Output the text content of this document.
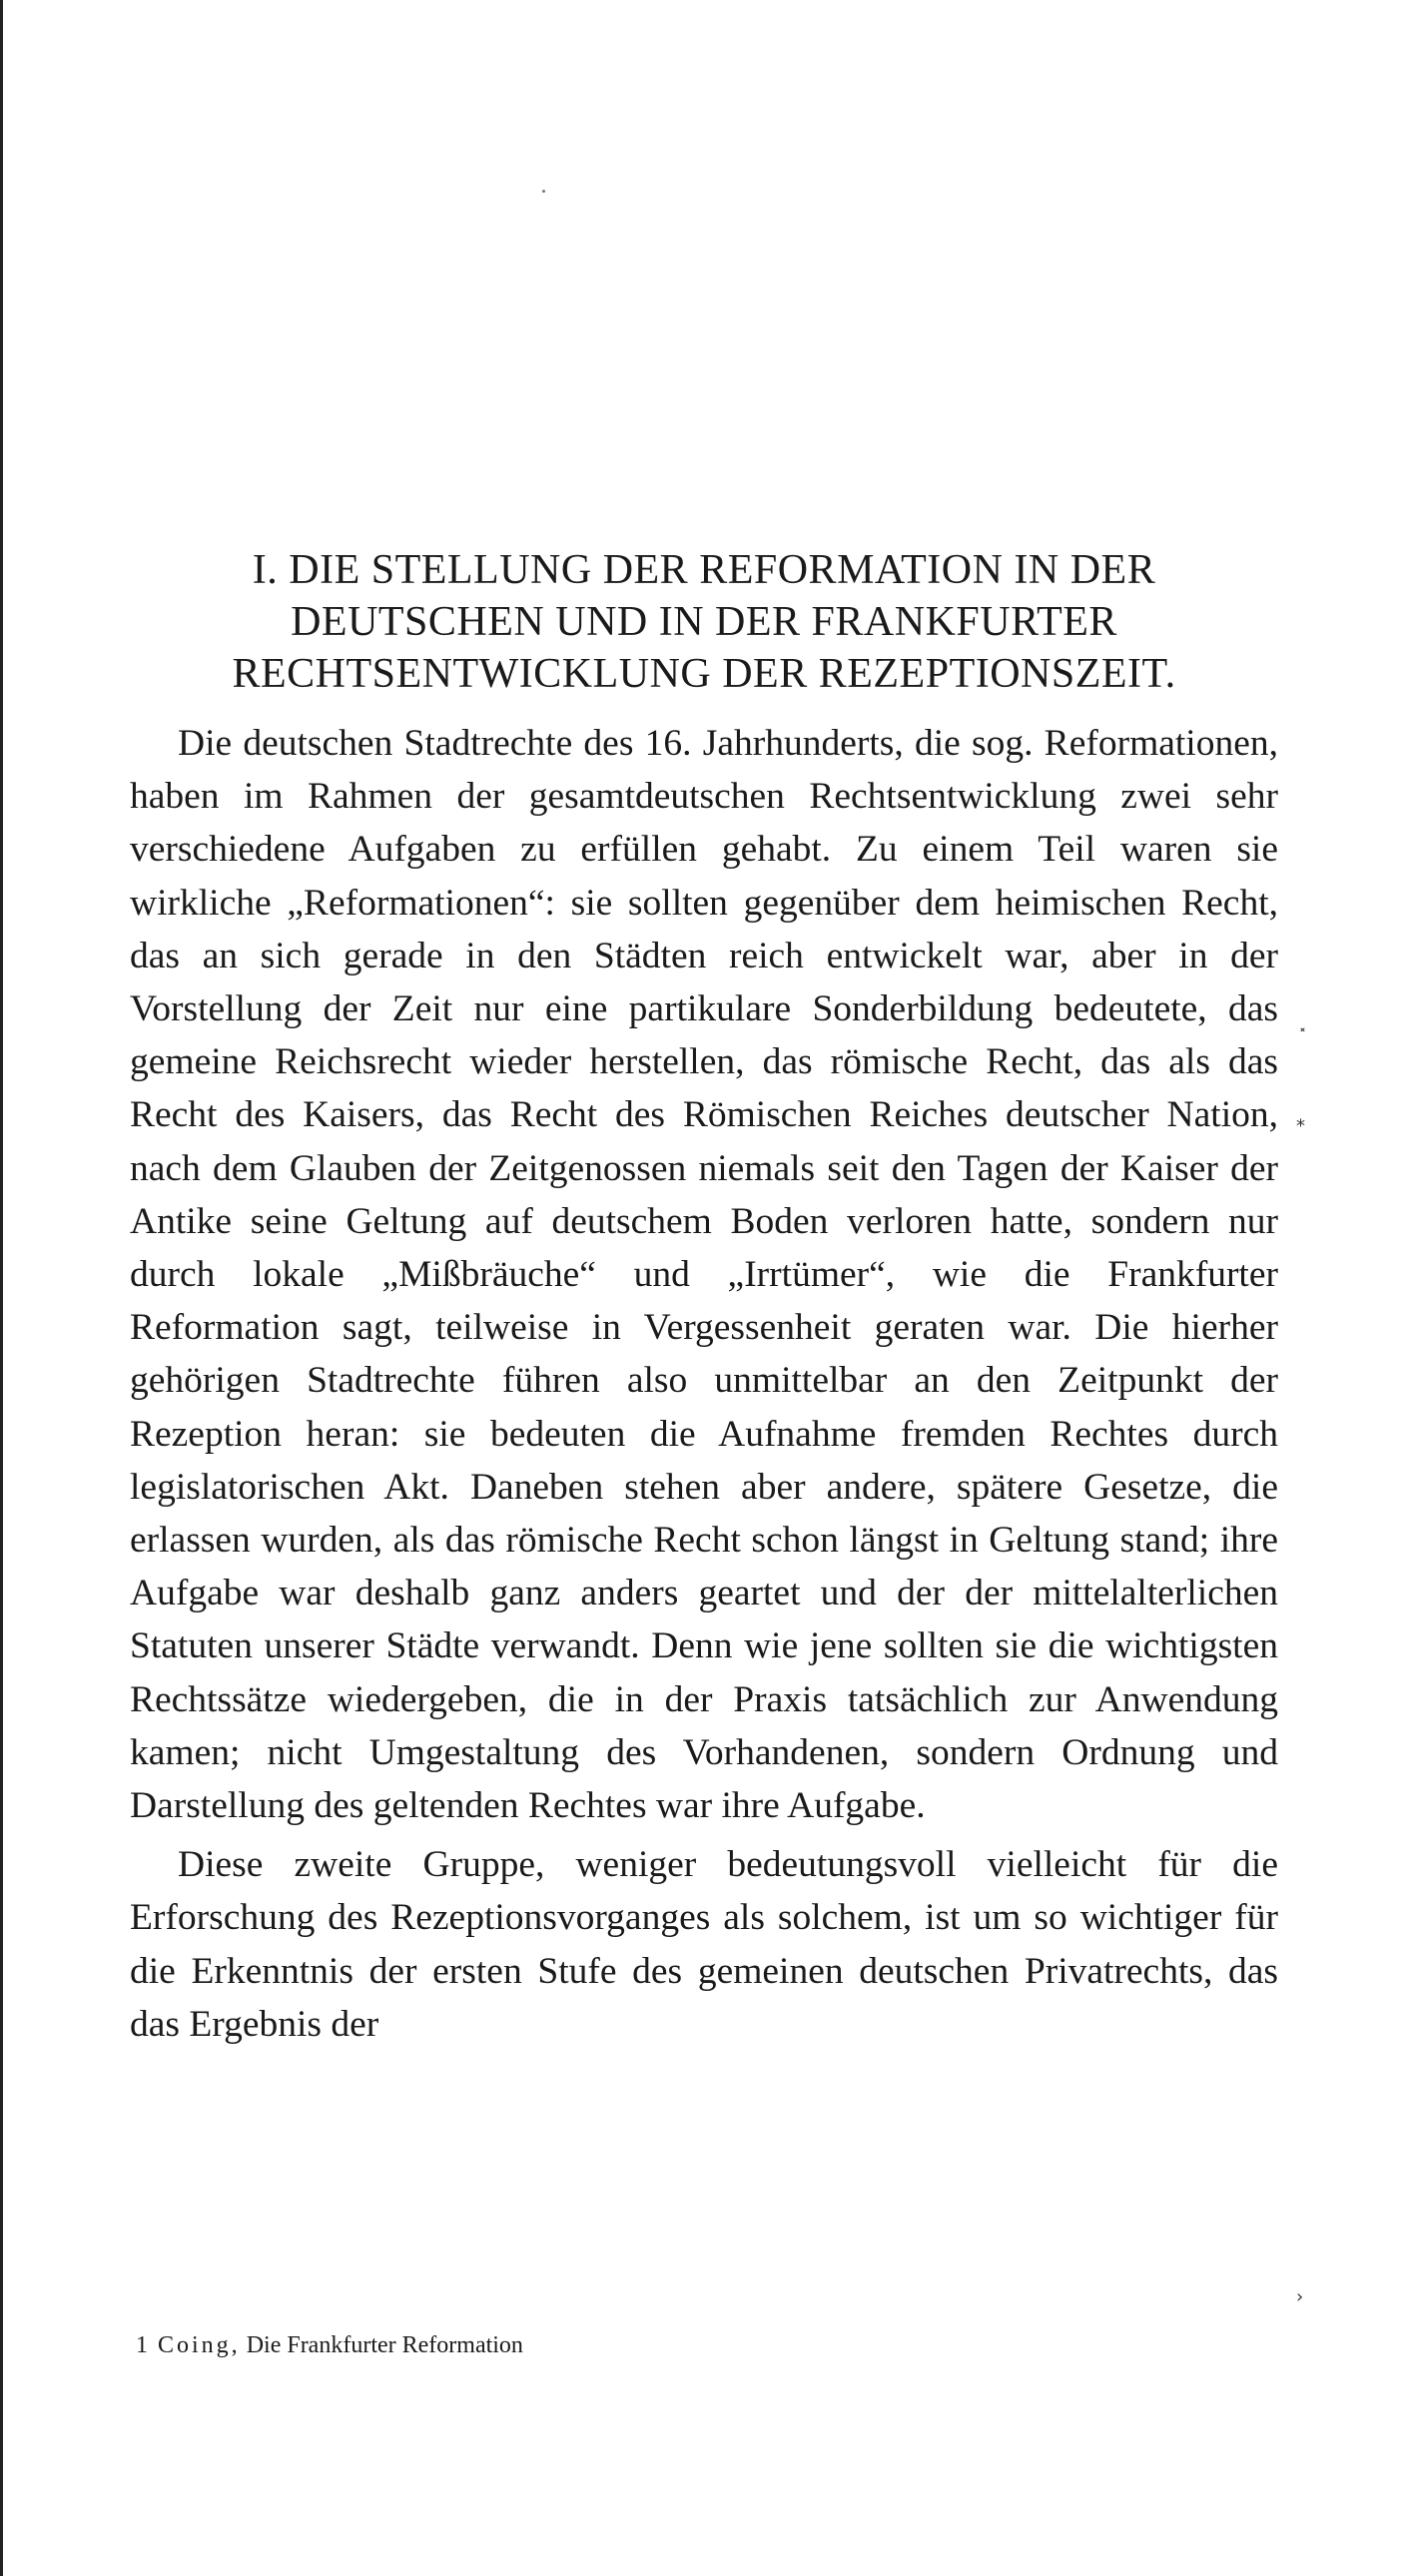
I. DIE STELLUNG DER REFORMATION IN DER
DEUTSCHEN UND IN DER FRANKFURTER
RECHTSENTWICKLUNG DER REZEPTIONSZEIT.

Die deutschen Stadtrechte des 16. Jahrhunderts, die sog. Reformationen, haben im Rahmen der gesamtdeutschen Rechtsentwicklung zwei sehr verschiedene Aufgaben zu erfüllen gehabt. Zu einem Teil waren sie wirkliche „Reformationen“: sie sollten gegenüber dem heimischen Recht, das an sich gerade in den Städten reich entwickelt war, aber in der Vorstellung der Zeit nur eine partikulare Sonderbildung bedeutete, das gemeine Reichsrecht wieder herstellen, das römische Recht, das als das Recht des Kaisers, das Recht des Römischen Reiches deutscher Nation, nach dem Glauben der Zeitgenossen niemals seit den Tagen der Kaiser der Antike seine Geltung auf deutschem Boden verloren hatte, sondern nur durch lokale „Mißbräuche“ und „Irrtümer“, wie die Frankfurter Reformation sagt, teilweise in Vergessenheit geraten war. Die hierher gehörigen Stadtrechte führen also unmittelbar an den Zeitpunkt der Rezeption heran: sie bedeuten die Aufnahme fremden Rechtes durch legislatorischen Akt. Daneben stehen aber andere, spätere Gesetze, die erlassen wurden, als das römische Recht schon längst in Geltung stand; ihre Aufgabe war deshalb ganz anders geartet und der der mittelalterlichen Statuten unserer Städte verwandt. Denn wie jene sollten sie die wichtigsten Rechtssätze wiedergeben, die in der Praxis tatsächlich zur Anwendung kamen; nicht Umgestaltung des Vorhandenen, sondern Ordnung und Darstellung des geltenden Rechtes war ihre Aufgabe.

Diese zweite Gruppe, weniger bedeutungsvoll vielleicht für die Erforschung des Rezeptionsvorganges als solchem, ist um so wichtiger für die Erkenntnis der ersten Stufe des gemeinen deutschen Privatrechts, das das Ergebnis der

˟
⁎
›
1 Coing, Die Frankfurter Reformation
